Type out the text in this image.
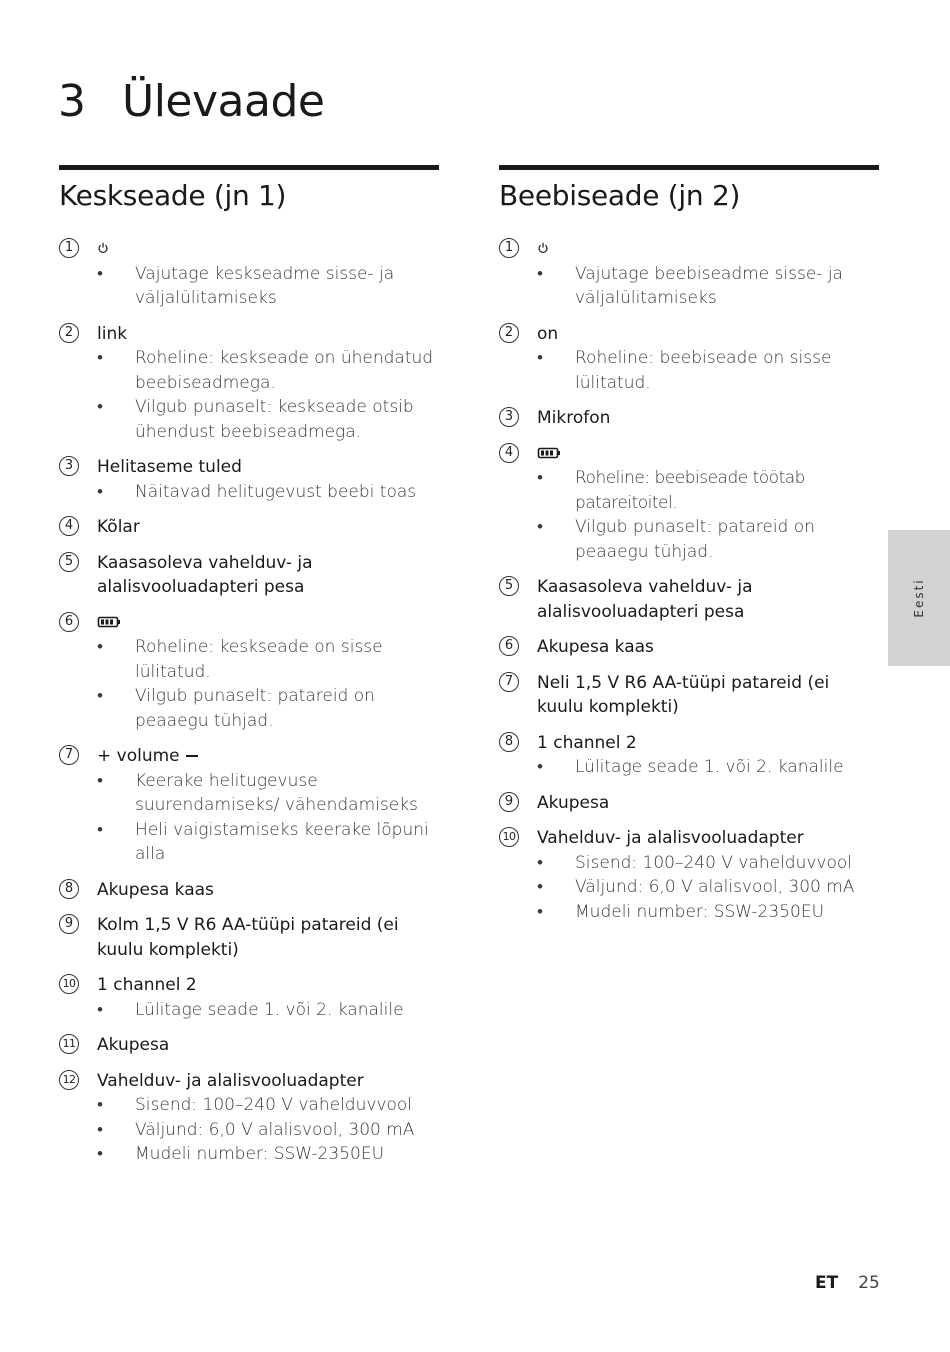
3 Ülevaade
Keskseade (jn 1)
1
• Vajutage keskseadme sisse- ja väljalülitamiseks
2	link
• Roheline: keskseade on ühendatud beebiseadmega.
• Vilgub punaselt: keskseade otsib ühendust beebiseadmega.
3	Helitaseme tuled
• Näitavad helitugevust beebi toas
4	Kõlar
5	Kaasasoleva vahelduv- ja alalisvooluadapteri pesa
6
• Roheline: keskseade on sisse lülitatud.
• Vilgub punaselt: patareid on peaaegu tühjad.
7	+ volume
• Keerake helitugevuse suurendamiseks/ vähendamiseks
• Heli vaigistamiseks keerake lõpuni alla
8	Akupesa kaas
9	Kolm 1,5 V R6 AA-tüüpi patareid (ei kuulu komplekti)
10 1 channel 2
• Lülitage seade 1. või 2. kanalile
11 Akupesa
12 Vahelduv- ja alalisvooluadapter
• Sisend: 100–240 V vahelduvvool
• Väljund: 6,0 V alalisvool, 300 mA
• Mudeli number: SSW-2350EU
Beebiseade (jn 2)
1
• Vajutage beebiseadme sisse- ja väljalülitamiseks
2	on
• Roheline: beebiseade on sisse lülitatud.
3	Mikrofon
4
• Roheline: beebiseade töötab patareitoitel.
• Vilgub punaselt: patareid on peaaegu tühjad.
5	Kaasasoleva vahelduv- ja alalisvooluadapteri pesa
6	Akupesa kaas
7	Neli 1,5 V R6 AA-tüüpi patareid (ei kuulu komplekti)
8	1 channel 2
• Lülitage seade 1. või 2. kanalile
9	Akupesa
10 Vahelduv- ja alalisvooluadapter
• Sisend: 100–240 V vahelduvvool
• Väljund: 6,0 V alalisvool, 300 mA
• Mudeli number: SSW-2350EU
Eesti
ET 25
